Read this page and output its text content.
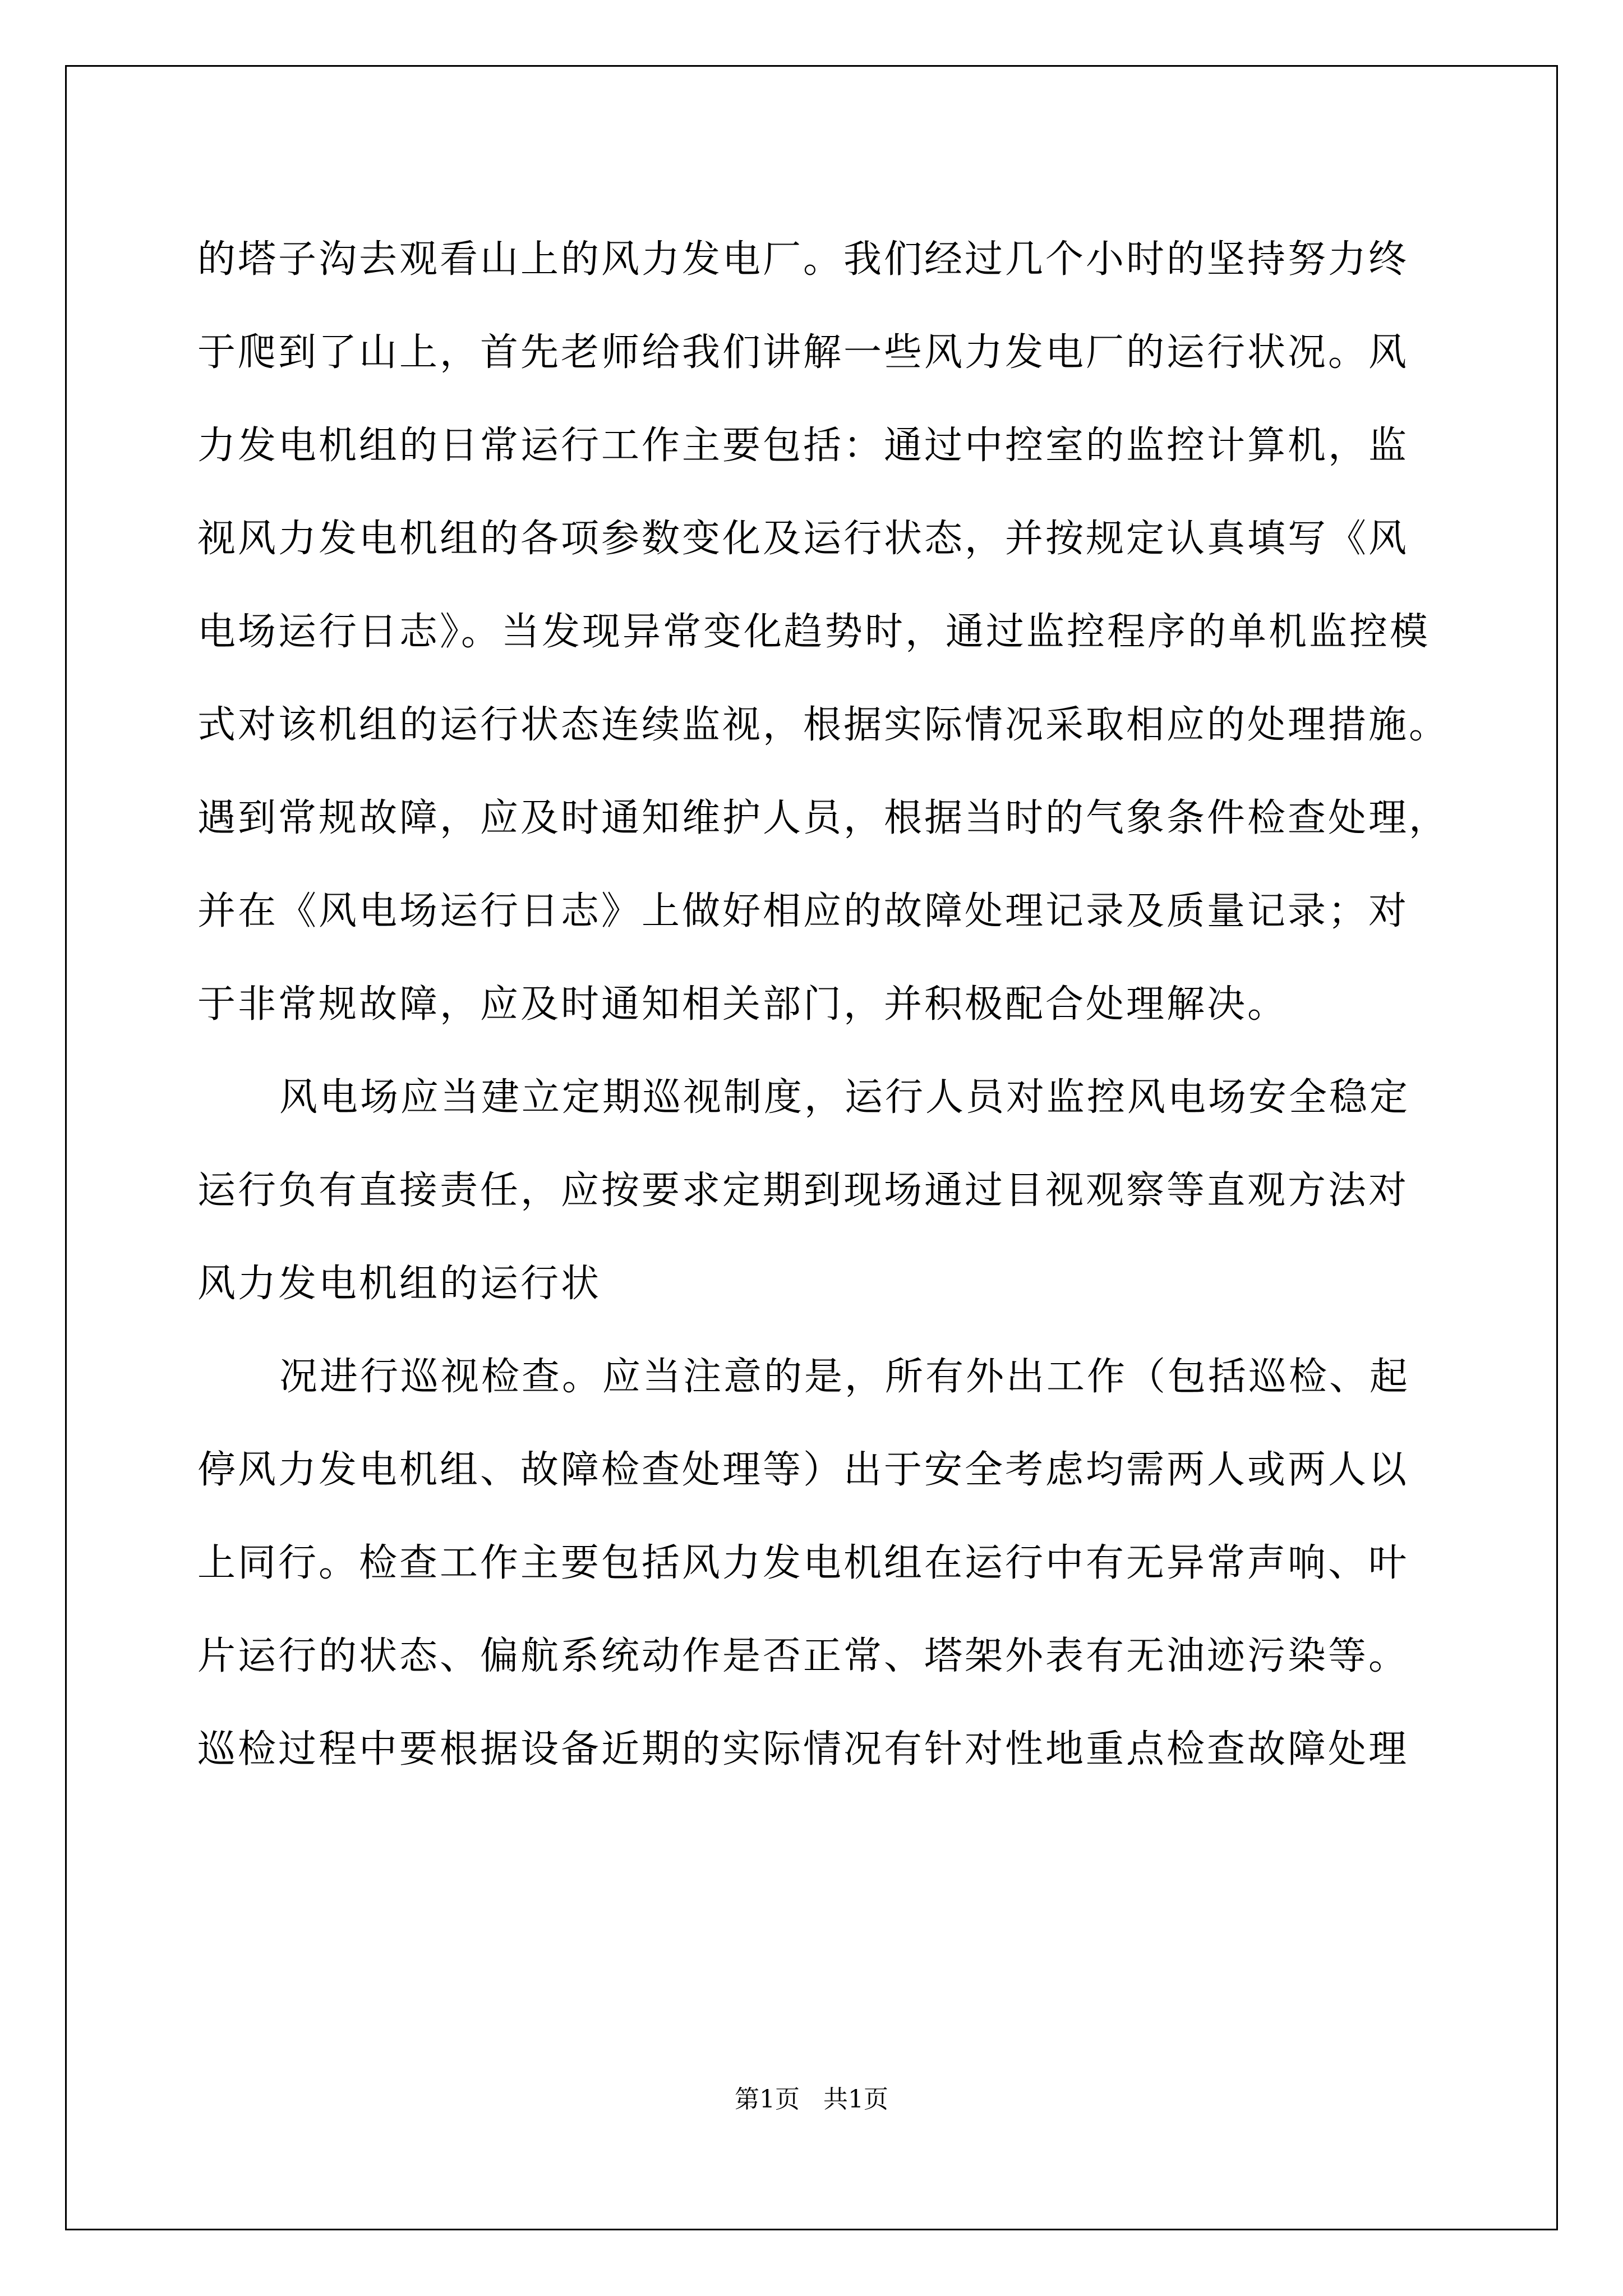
的塔子沟去观看山上的风力发电厂。我们经过几个小时的坚持努力终
于爬到了山上，首先老师给我们讲解一些风力发电厂的运行状况。风
力发电机组的日常运行工作主要包括：通过中控室的监控计算机，监
视风力发电机组的各项参数变化及运行状态，并按规定认真填写《风
电场运行日志》。当发现异常变化趋势时，通过监控程序的单机监控模
式对该机组的运行状态连续监视，根据实际情况采取相应的处理措施。
遇到常规故障，应及时通知维护人员，根据当时的气象条件检查处理，
并在《风电场运行日志》上做好相应的故障处理记录及质量记录；对
于非常规故障，应及时通知相关部门，并积极配合处理解决。
风电场应当建立定期巡视制度，运行人员对监控风电场安全稳定
运行负有直接责任，应按要求定期到现场通过目视观察等直观方法对
风力发电机组的运行状
况进行巡视检查。应当注意的是，所有外出工作（包括巡检、起
停风力发电机组、故障检查处理等）出于安全考虑均需两人或两人以
上同行。检查工作主要包括风力发电机组在运行中有无异常声响、叶
片运行的状态、偏航系统动作是否正常、塔架外表有无油迹污染等。
巡检过程中要根据设备近期的实际情况有针对性地重点检查故障处理
第1页   共1页
